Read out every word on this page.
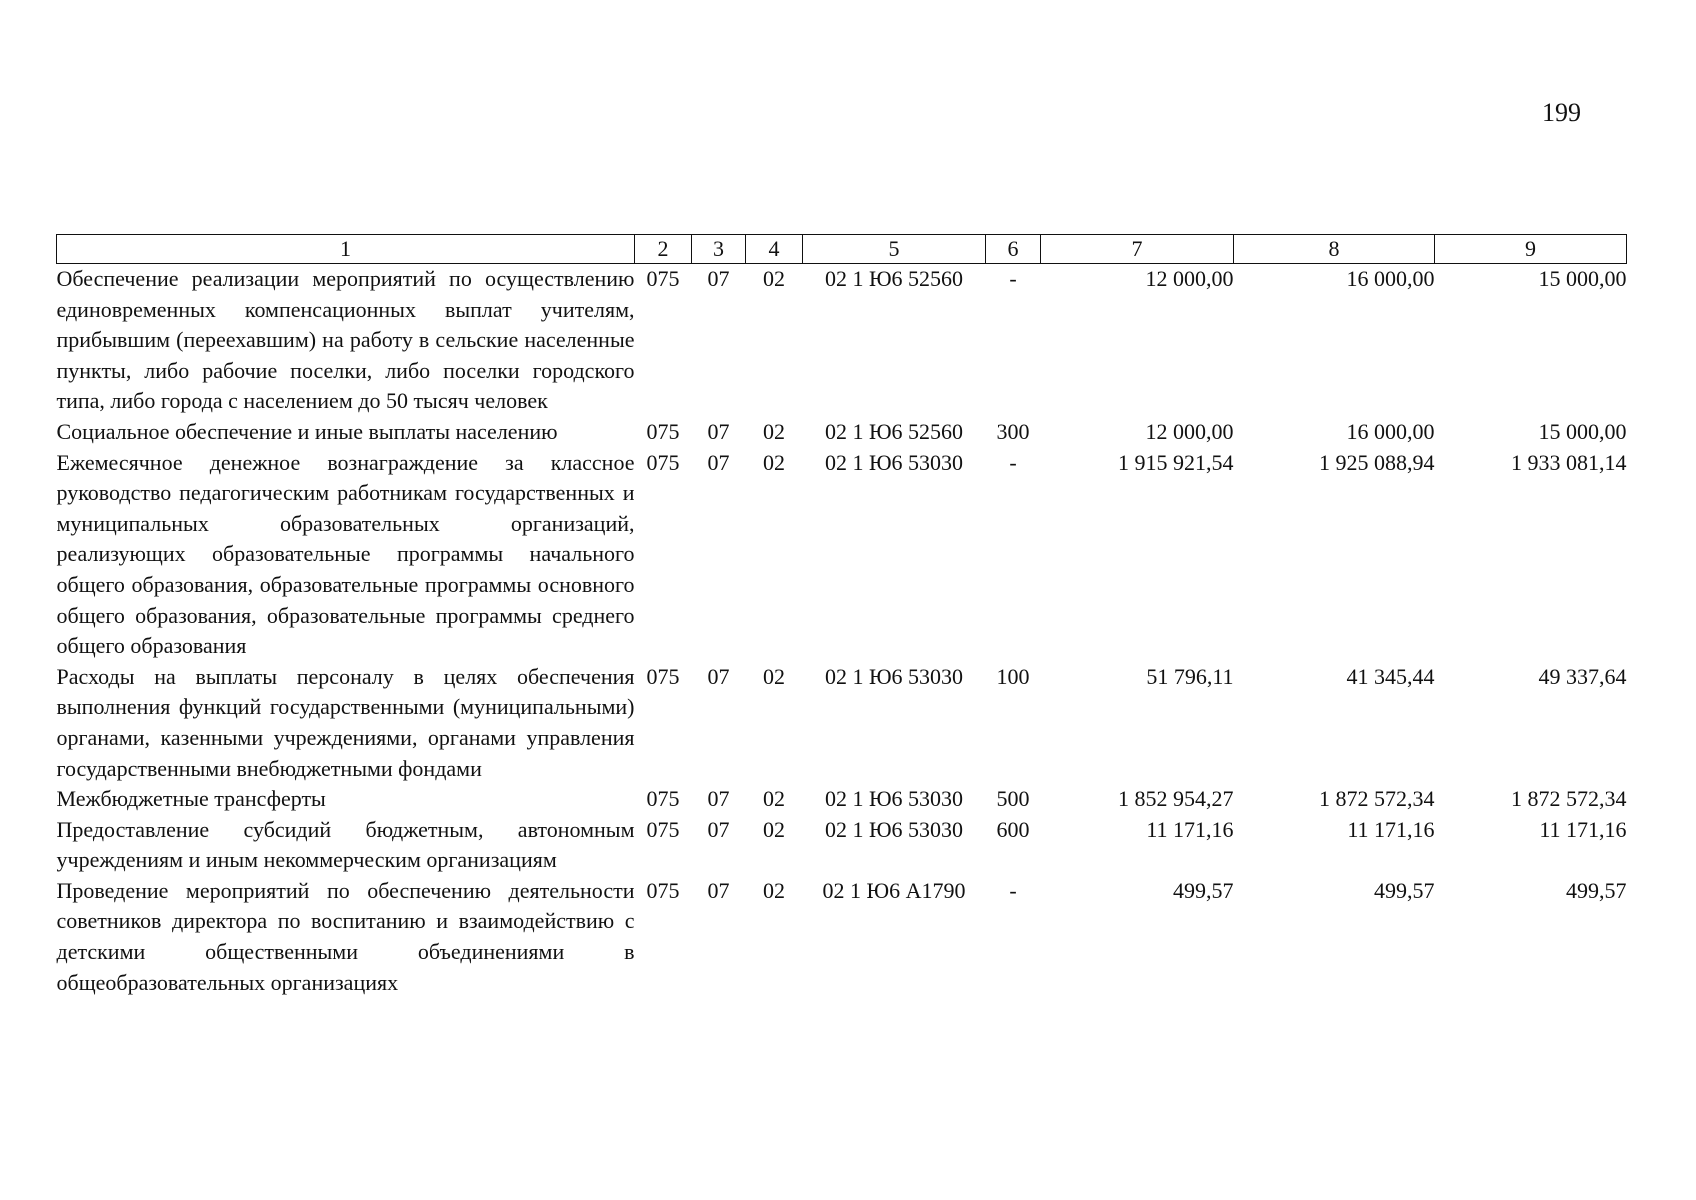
199
1	2	3	4	5	6	7	8	9
Обеспечение реализации мероприятий по осуществлению единовременных компенсационных выплат учителям, прибывшим (переехавшим) на работу в сельские населенные пункты, либо рабочие поселки, либо поселки городского типа, либо города с населением до 50 тысяч человек	075	07	02	02 1 Ю6 52560	-	12 000,00	16 000,00	15 000,00
Социальное обеспечение и иные выплаты населению	075	07	02	02 1 Ю6 52560	300	12 000,00	16 000,00	15 000,00
Ежемесячное денежное вознаграждение за классное руководство педагогическим работникам государственных и муниципальных образовательных организаций, реализующих образовательные программы начального общего образования, образовательные программы основного общего образования, образовательные программы среднего общего образования	075	07	02	02 1 Ю6 53030	-	1 915 921,54	1 925 088,94	1 933 081,14
Расходы на выплаты персоналу в целях обеспечения выполнения функций государственными (муниципальными) органами, казенными учреждениями, органами управления государственными внебюджетными фондами	075	07	02	02 1 Ю6 53030	100	51 796,11	41 345,44	49 337,64
Межбюджетные трансферты	075	07	02	02 1 Ю6 53030	500	1 852 954,27	1 872 572,34	1 872 572,34
Предоставление субсидий бюджетным, автономным учреждениям и иным некоммерческим организациям	075	07	02	02 1 Ю6 53030	600	11 171,16	11 171,16	11 171,16
Проведение мероприятий по обеспечению деятельности советников директора по воспитанию и взаимодействию с детскими общественными объединениями в общеобразовательных организациях	075	07	02	02 1 Ю6 А1790	-	499,57	499,57	499,57
